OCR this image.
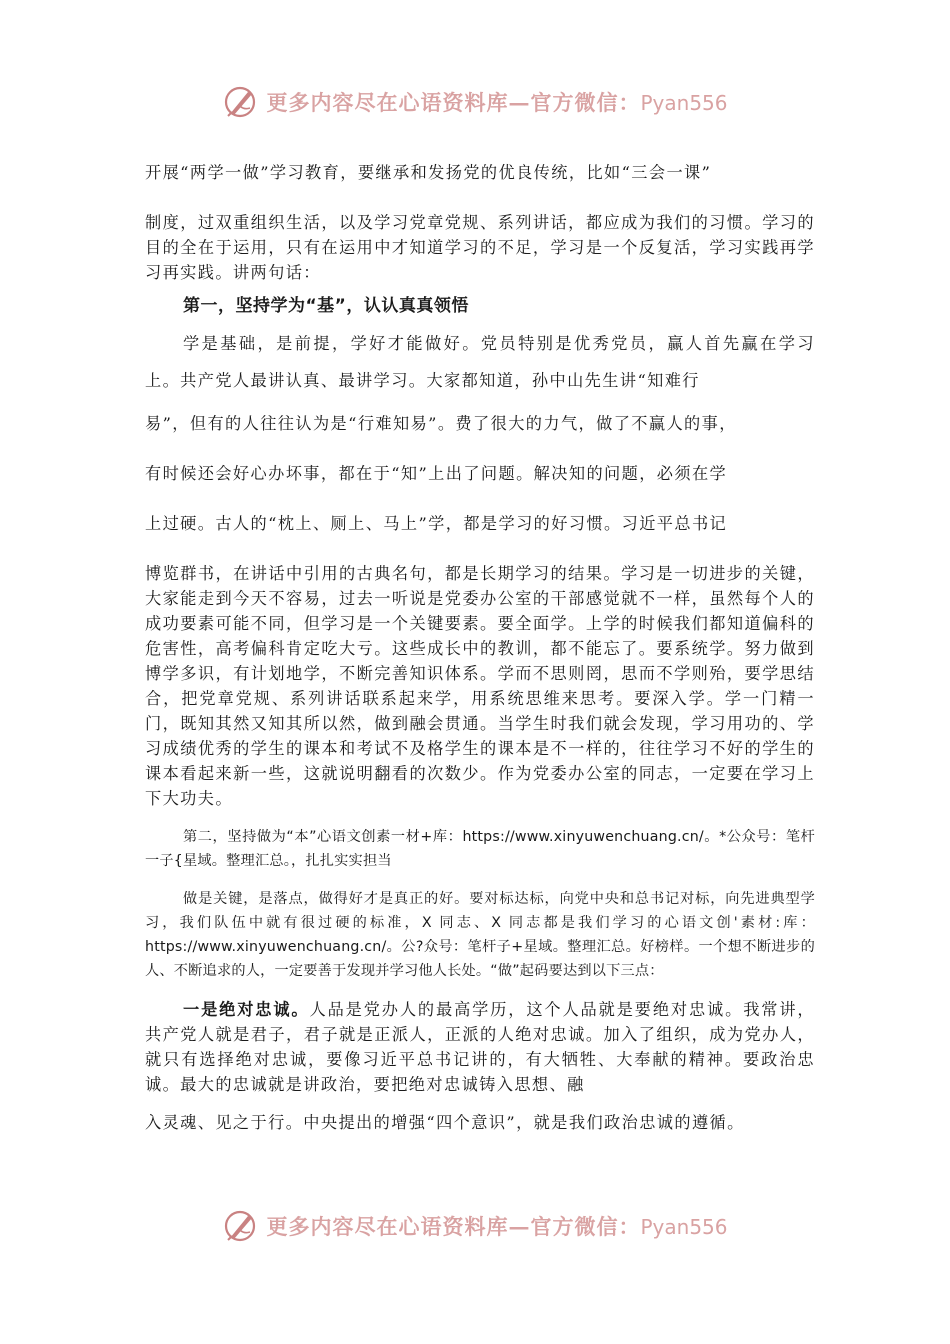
更多内容尽在心语资料库—官方微信：Pyan556

开展“两学一做”学习教育，要继承和发扬党的优良传统，比如“三会一课”

制度，过双重组织生活，以及学习党章党规、系列讲话，都应成为我们的习惯。学习的目的全在于运用，只有在运用中才知道学习的不足，学习是一个反复活，学习实践再学习再实践。讲两句话：

第一，坚持学为“基”，认认真真领悟

学是基础，是前提，学好才能做好。党员特别是优秀党员，赢人首先赢在学习上。共产党人最讲认真、最讲学习。大家都知道，孙中山先生讲“知难行

易”，但有的人往往认为是“行难知易”。费了很大的力气，做了不赢人的事，

有时候还会好心办坏事，都在于“知”上出了问题。解决知的问题，必须在学

上过硬。古人的“枕上、厕上、马上”学，都是学习的好习惯。习近平总书记

博览群书，在讲话中引用的古典名句，都是长期学习的结果。学习是一切进步的关键，大家能走到今天不容易，过去一听说是党委办公室的干部感觉就不一样，虽然每个人的成功要素可能不同，但学习是一个关键要素。要全面学。上学的时候我们都知道偏科的危害性，高考偏科肯定吃大亏。这些成长中的教训，都不能忘了。要系统学。努力做到博学多识，有计划地学，不断完善知识体系。学而不思则罔，思而不学则殆，要学思结合，把党章党规、系列讲话联系起来学，用系统思维来思考。要深入学。学一门精一门，既知其然又知其所以然，做到融会贯通。当学生时我们就会发现，学习用功的、学习成绩优秀的学生的课本和考试不及格学生的课本是不一样的，往往学习不好的学生的课本看起来新一些，这就说明翻看的次数少。作为党委办公室的同志，一定要在学习上下大功夫。

第二，坚持做为“本”心语文创素一材+库：https://www.xinyuwenchuang.cn/。*公众号：笔杆一子{星域。整理汇总。，扎扎实实担当

做是关键，是落点，做得好才是真正的好。要对标达标，向党中央和总书记对标，向先进典型学习，我们队伍中就有很过硬的标准，X 同志、X 同志都是我们学习的心语文创'素材:库：https://www.xinyuwenchuang.cn/。公?众号：笔杆子+星域。整理汇总。好榜样。一个想不断进步的人、不断追求的人，一定要善于发现并学习他人长处。“做”起码要达到以下三点：

一是绝对忠诚。人品是党办人的最高学历，这个人品就是要绝对忠诚。我常讲，共产党人就是君子，君子就是正派人，正派的人绝对忠诚。加入了组织，成为党办人，就只有选择绝对忠诚，要像习近平总书记讲的，有大牺牲、大奉献的精神。要政治忠诚。最大的忠诚就是讲政治，要把绝对忠诚铸入思想、融

入灵魂、见之于行。中央提出的增强“四个意识”，就是我们政治忠诚的遵循。

更多内容尽在心语资料库—官方微信：Pyan556
